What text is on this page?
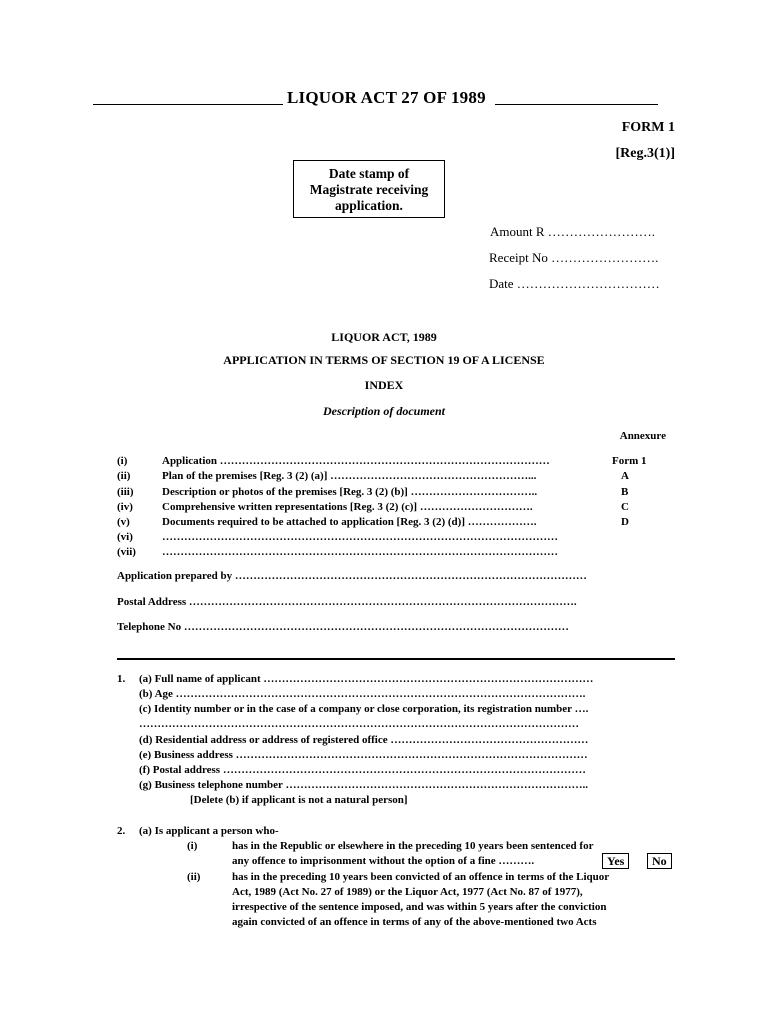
LIQUOR ACT 27 OF 1989
FORM 1
[Reg.3(1)]
Date stamp of
Magistrate receiving
application.
Amount R …………………….
Receipt No …………………….
Date ……………………………
LIQUOR ACT, 1989
APPLICATION IN TERMS OF SECTION 19 OF A LICENSE
INDEX
Description of document
Annexure
(i)	Application ………………………………………………………………………………	Form 1
(ii)	Plan of the premises [Reg. 3 (2) (a)] ………………………………………………...	A
(iii)	Description or photos of the premises [Reg. 3 (2) (b)] ……………………………..	B
(iv)	Comprehensive written representations [Reg. 3 (2) (c)] ………………………….	C
(v)	Documents required to be attached to application [Reg. 3 (2) (d)] ……………….	D
(vi)	………………………………………………………………………………………………
(vii) ………………………………………………………………………………………………
Application prepared by ……………………………………………………………………………………
Postal Address …………………………………………………………………………………………….
Telephone No ……………………………………………………………………………………………
1. (a) Full name of applicant ………………………………………………………………………………
(b) Age ………………………………………………………………………………………………….
(c) Identity number or in the case of a company or close corporation, its registration number ….
…………………………………………………………………………………………………………
(d) Residential address or address of registered office ………………………………………………
(e) Business address ……………………………………………………………………………………
(f) Postal address ………………………………………………………………………………………
(g) Business telephone number ………………………………………………………………………..
[Delete (b) if applicant is not a natural person]
2. (a) Is applicant a person who-
(i)	has in the Republic or elsewhere in the preceding 10 years been sentenced for
any offence to imprisonment without the option of a fine ……….	Yes	No
(ii)	has in the preceding 10 years been convicted of an offence in terms of the Liquor
Act, 1989 (Act No. 27 of 1989) or the Liquor Act, 1977 (Act No. 87 of 1977),
irrespective of the sentence imposed, and was within 5 years after the conviction
again convicted of an offence in terms of any of the above-mentioned two Acts
